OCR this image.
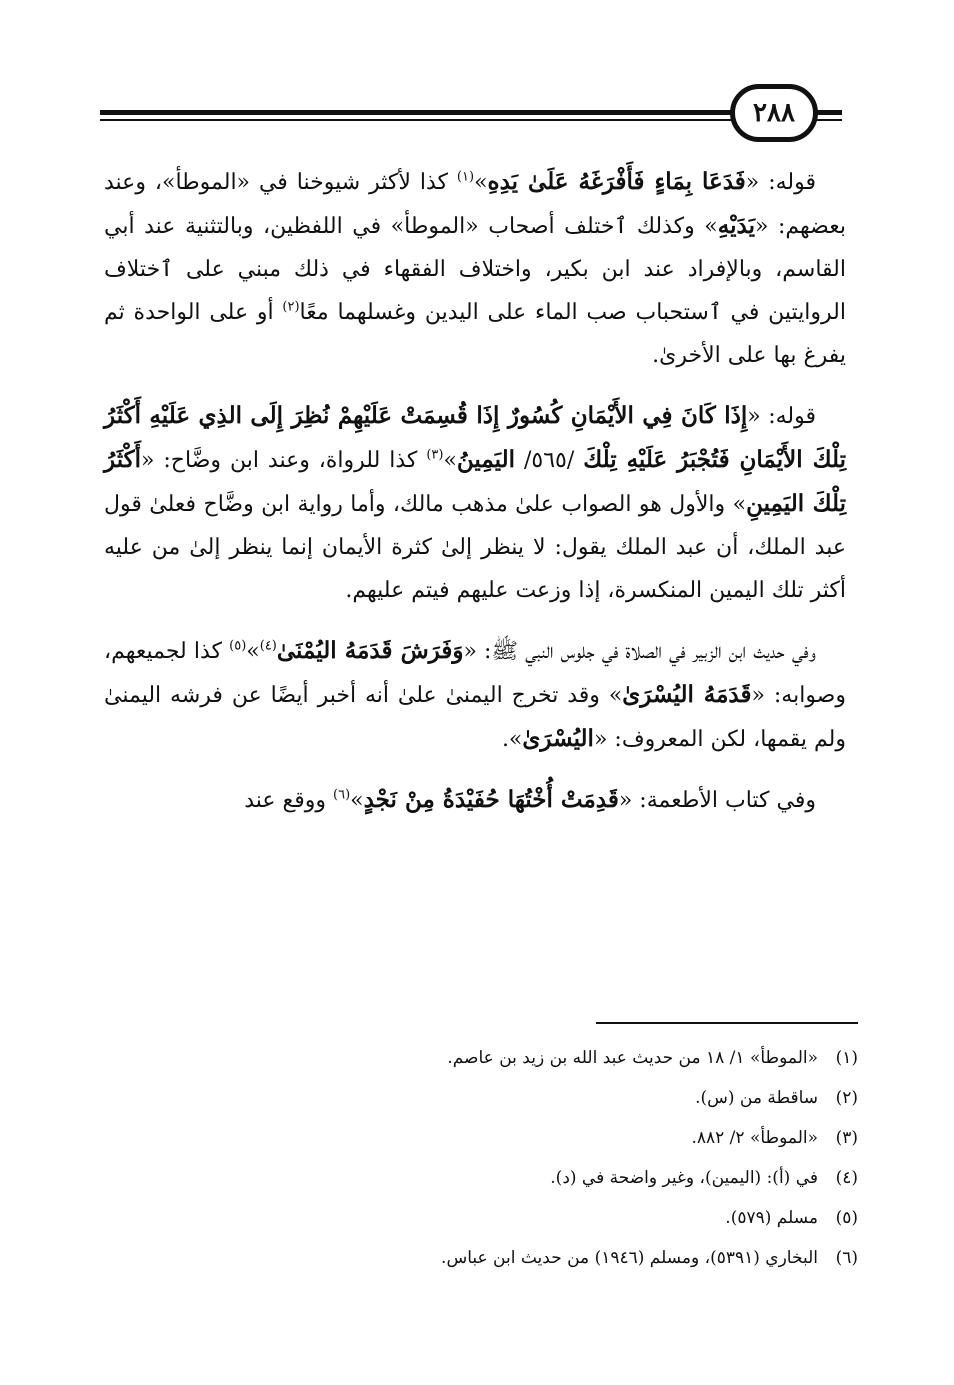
٢٨٨

قوله: «فَدَعَا بِمَاءٍ فَأَفْرَغَهُ عَلَىٰ يَدِهِ»$^{(١)}$ كذا لأكثر شيوخنا في «الموطأ»، وعند بعضهم: «يَدَيْهِ» وكذلك ٱختلف أصحاب «الموطأ» في اللفظين، وبالتثنية عند أبي القاسم، وبالإفراد عند ابن بكير، واختلاف الفقهاء في ذلك مبني على ٱختلاف الروايتين في ٱستحباب صب الماء على اليدين وغسلهما معًا$^{(٢)}$ أو على الواحدة ثم يفرغ بها على الأخرىٰ.

قوله: «إِذَا كَانَ فِي الأَيْمَانِ كُسُورٌ إِذَا قُسِمَتْ عَلَيْهِمْ نُظِرَ إِلَى الذِي عَلَيْهِ أَكْثَرُ تِلْكَ الأَيْمَانِ فَتُجْبَرُ عَلَيْهِ تِلْكَ /٥٦٥/ اليَمِينُ»$^{(٣)}$ كذا للرواة، وعند ابن وضَّاح: «أَكْثَرُ تِلْكَ اليَمِينِ» والأول هو الصواب علىٰ مذهب مالك، وأما رواية ابن وضَّاح فعلىٰ قول عبد الملك، أن عبد الملك يقول: لا ينظر إلىٰ كثرة الأيمان إنما ينظر إلىٰ من عليه أكثر تلك اليمين المنكسرة، إذا وزعت عليهم فيتم عليهم.

وفي حديث ابن الزبير في الصلاة في جلوس النبي ﷺ: «وَفَرَشَ قَدَمَهُ اليُمْنَىٰ$^{(٤)}$»$^{(٥)}$ كذا لجميعهم، وصوابه: «قَدَمَهُ اليُسْرَىٰ» وقد تخرج اليمنىٰ علىٰ أنه أخبر أيضًا عن فرشه اليمنىٰ ولم يقمها، لكن المعروف: «اليُسْرَىٰ».

وفي كتاب الأطعمة: «قَدِمَتْ أُخْتُهَا حُفَيْدَةُ مِنْ نَجْدٍ»$^{(٦)}$ ووقع عند

(١)
«الموطأ» ١/ ١٨ من حديث عبد الله بن زيد بن عاصم.
(٢)
ساقطة من (س).
(٣)
«الموطأ» ٢/ ٨٨٢.
(٤)
في (أ): (اليمين)، وغير واضحة في (د).
(٥)
مسلم (٥٧٩).
(٦)
البخاري (٥٣٩١)، ومسلم (١٩٤٦) من حديث ابن عباس.
